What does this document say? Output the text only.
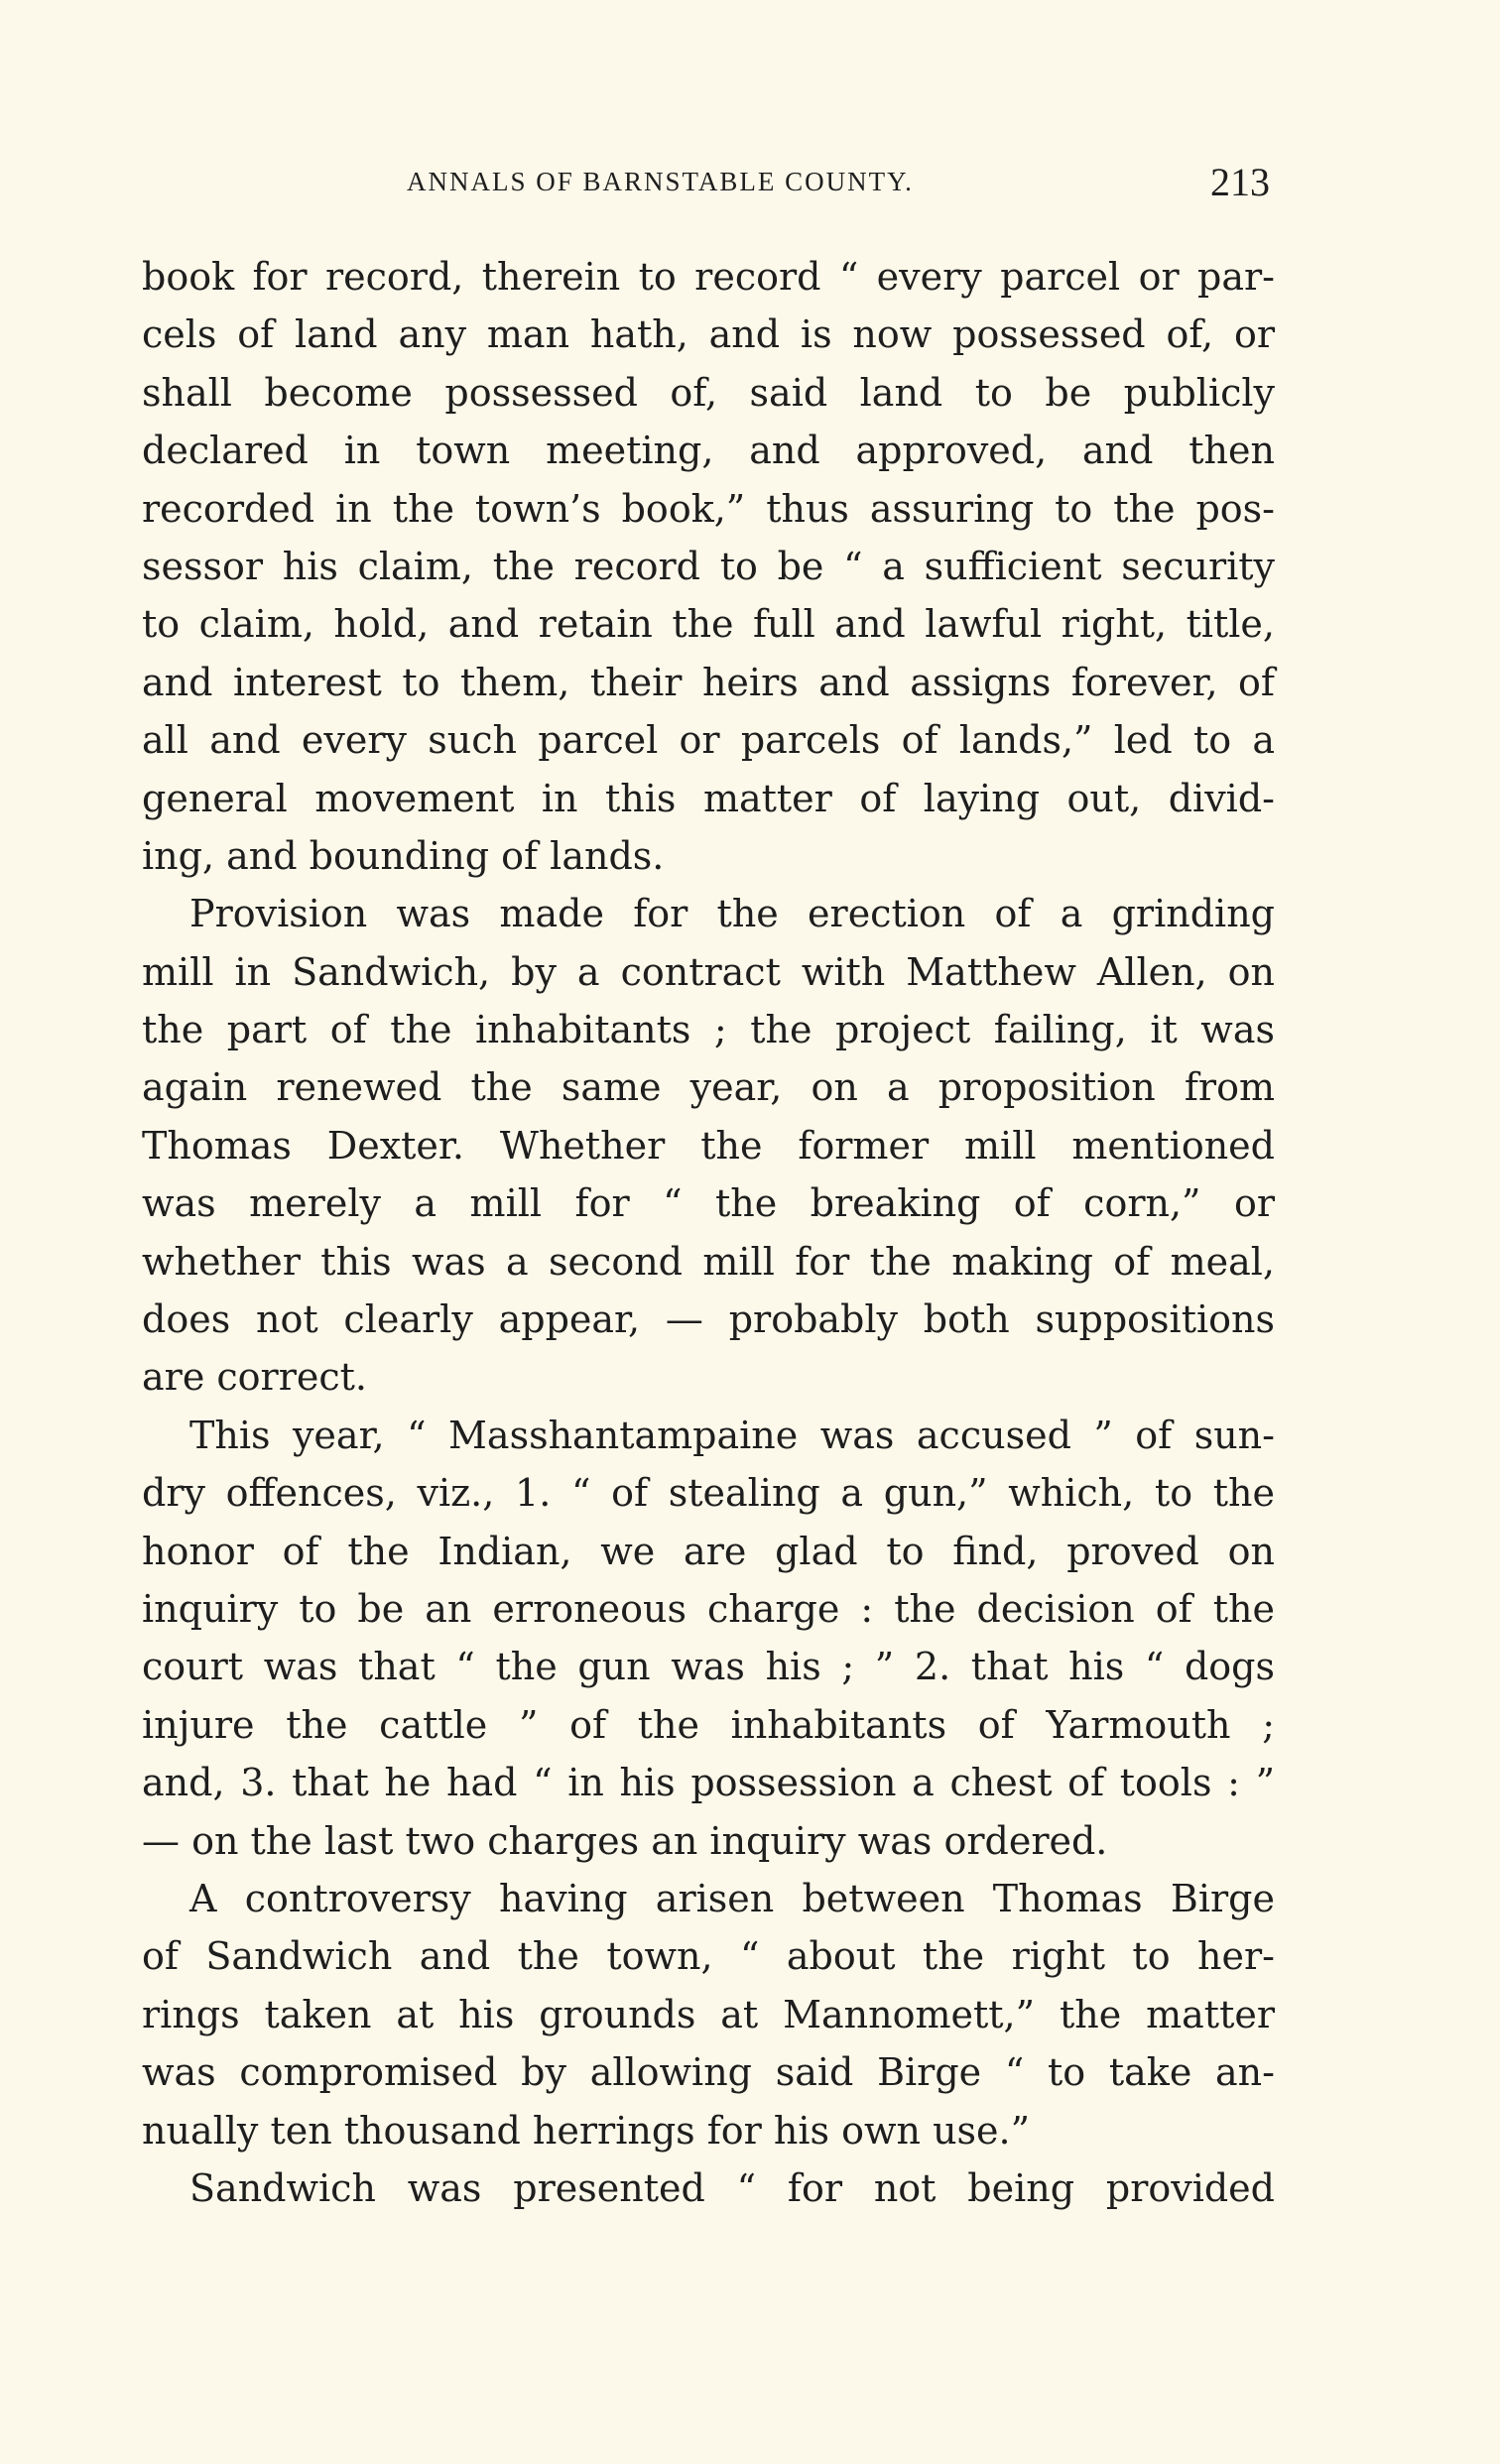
ANNALS OF BARNSTABLE COUNTY.	213
book for record, therein to record “ every parcel or par-
cels of land any man hath, and is now possessed of, or
shall become possessed of, said land to be publicly
declared in town meeting, and approved, and then
recorded in the town’s book,” thus assuring to the pos-
sessor his claim, the record to be “ a sufficient security
to claim, hold, and retain the full and lawful right, title,
and interest to them, their heirs and assigns forever, of
all and every such parcel or parcels of lands,” led to a
general movement in this matter of laying out, divid-
ing, and bounding of lands.
Provision was made for the erection of a grinding
mill in Sandwich, by a contract with Matthew Allen, on
the part of the inhabitants ; the project failing, it was
again renewed the same year, on a proposition from
Thomas Dexter. Whether the former mill mentioned
was merely a mill for “ the breaking of corn,” or
whether this was a second mill for the making of meal,
does not clearly appear, — probably both suppositions
are correct.
This year, “ Masshantampaine was accused ” of sun-
dry offences, viz., 1. “ of stealing a gun,” which, to the
honor of the Indian, we are glad to find, proved on
inquiry to be an erroneous charge : the decision of the
court was that “ the gun was his ; ” 2. that his “ dogs
injure the cattle ” of the inhabitants of Yarmouth ;
and, 3. that he had “ in his possession a chest of tools : ”
— on the last two charges an inquiry was ordered.
A controversy having arisen between Thomas Birge
of Sandwich and the town, “ about the right to her-
rings taken at his grounds at Mannomett,” the matter
was compromised by allowing said Birge “ to take an-
nually ten thousand herrings for his own use.”
Sandwich was presented “ for not being provided
